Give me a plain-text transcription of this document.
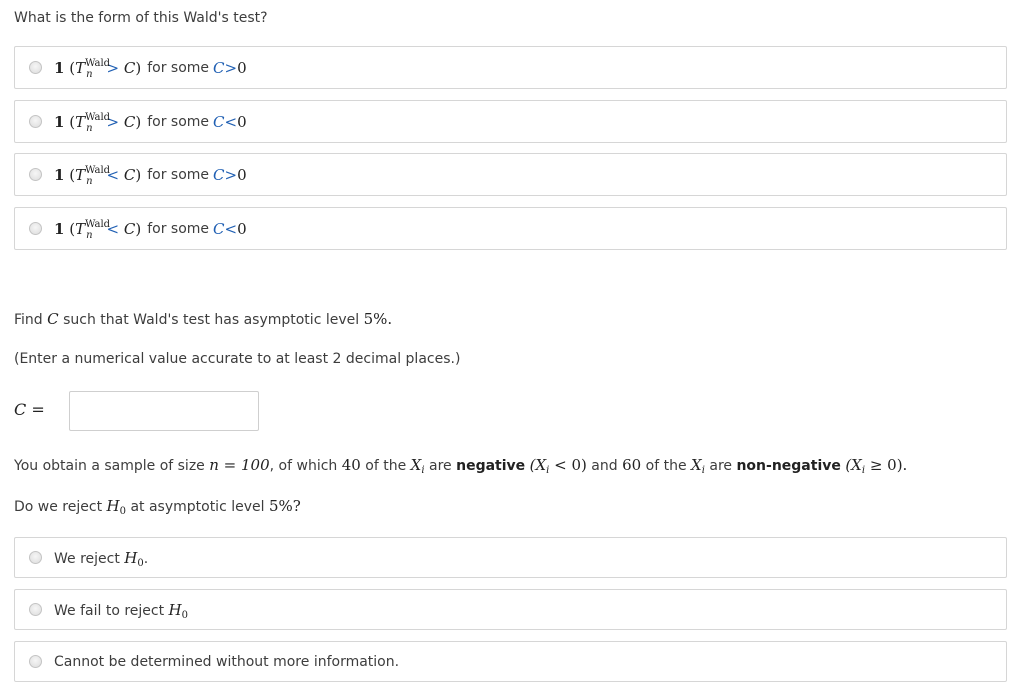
What is the form of this Wald's test?
1 $(T^{Wald}_n > C)$ for some C>0
1 $(T^{Wald}_n > C)$ for some C<0
1 $(T^{Wald}_n < C)$ for some C>0
1 $(T^{Wald}_n < C)$ for some C<0
Find C such that Wald's test has asymptotic level 5%.
(Enter a numerical value accurate to at least 2 decimal places.)
C =
You obtain a sample of size n = 100, of which 40 of the $X_i$ are negative $(X_i < 0)$ and 60 of the $X_i$ are non-negative $(X_i \ge 0)$.
Do we reject $H_0$ at asymptotic level 5%?
We reject $H_0$.
We fail to reject $H_0$
Cannot be determined without more information.
